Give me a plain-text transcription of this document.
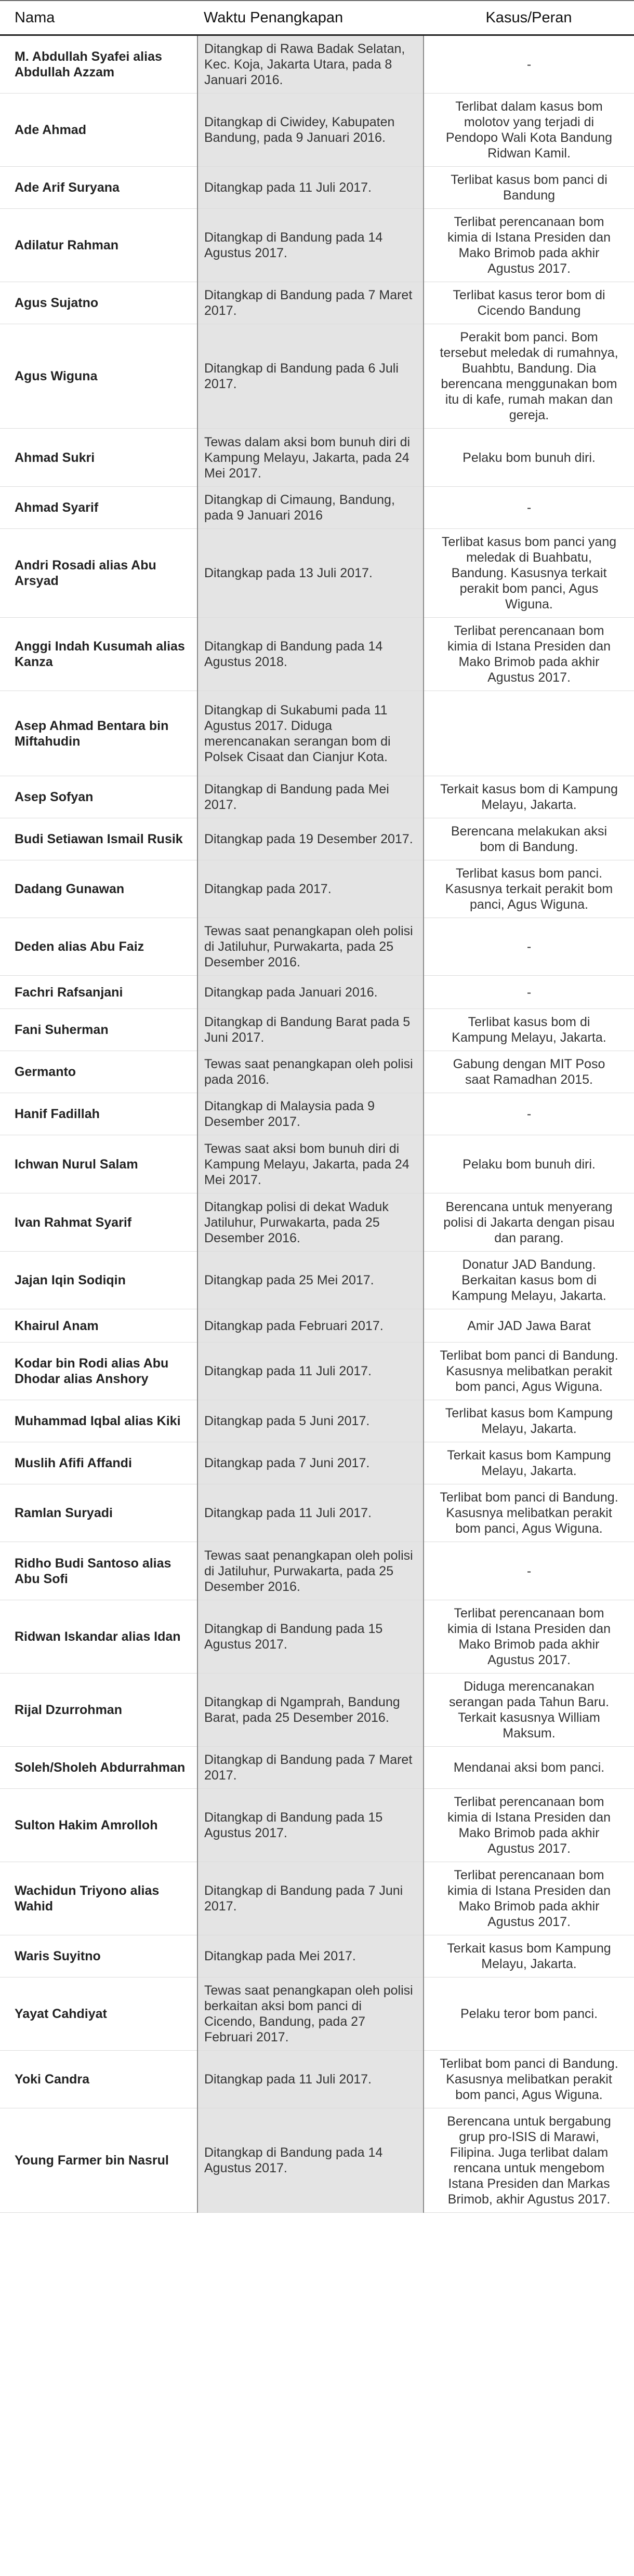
Nama	Waktu Penangkapan	Kasus/Peran
M. Abdullah Syafei alias Abdullah Azzam	Ditangkap di Rawa Badak Selatan, Kec. Koja, Jakarta Utara, pada 8 Januari 2016.	-
Ade Ahmad	Ditangkap di Ciwidey, Kabupaten Bandung, pada 9 Januari 2016.	Terlibat dalam kasus bom molotov yang terjadi di Pendopo Wali Kota Bandung Ridwan Kamil.
Ade Arif Suryana	Ditangkap pada 11 Juli 2017.	Terlibat kasus bom panci di Bandung
Adilatur Rahman	Ditangkap di Bandung pada 14 Agustus 2017.	Terlibat perencanaan bom kimia di Istana Presiden dan Mako Brimob pada akhir Agustus 2017.
Agus Sujatno	Ditangkap di Bandung pada 7 Maret 2017.	Terlibat kasus teror bom di Cicendo Bandung
Agus Wiguna	Ditangkap di Bandung pada 6 Juli 2017.	Perakit bom panci. Bom tersebut meledak di rumahnya, Buahbtu, Bandung. Dia berencana menggunakan bom itu di kafe, rumah makan dan gereja.
Ahmad Sukri	Tewas dalam aksi bom bunuh diri di Kampung Melayu, Jakarta, pada 24 Mei 2017.	Pelaku bom bunuh diri.
Ahmad Syarif	Ditangkap di Cimaung, Bandung, pada 9 Januari 2016	-
Andri Rosadi alias Abu Arsyad	Ditangkap pada 13 Juli 2017.	Terlibat kasus bom panci yang meledak di Buahbatu, Bandung. Kasusnya terkait perakit bom panci, Agus Wiguna.
Anggi Indah Kusumah alias Kanza	Ditangkap di Bandung pada 14 Agustus 2018.	Terlibat perencanaan bom kimia di Istana Presiden dan Mako Brimob pada akhir Agustus 2017.
Asep Ahmad Bentara bin Miftahudin	Ditangkap di Sukabumi pada 11 Agustus 2017. Diduga merencanakan serangan bom di Polsek Cisaat dan Cianjur Kota.	
Asep Sofyan	Ditangkap di Bandung pada Mei 2017.	Terkait kasus bom di Kampung Melayu, Jakarta.
Budi Setiawan Ismail Rusik	Ditangkap pada 19 Desember 2017.	Berencana melakukan aksi bom di Bandung.
Dadang Gunawan	Ditangkap pada 2017.	Terlibat kasus bom panci. Kasusnya terkait perakit bom panci, Agus Wiguna.
Deden alias Abu Faiz	Tewas saat penangkapan oleh polisi di Jatiluhur, Purwakarta, pada 25 Desember 2016.	-
Fachri Rafsanjani	Ditangkap pada Januari 2016.	-
Fani Suherman	Ditangkap di Bandung Barat pada 5 Juni 2017.	Terlibat kasus bom di Kampung Melayu, Jakarta.
Germanto	Tewas saat penangkapan oleh polisi pada 2016.	Gabung dengan MIT Poso saat Ramadhan 2015.
Hanif Fadillah	Ditangkap di Malaysia pada 9 Desember 2017.	-
Ichwan Nurul Salam	Tewas saat aksi bom bunuh diri di Kampung Melayu, Jakarta, pada 24 Mei 2017.	Pelaku bom bunuh diri.
Ivan Rahmat Syarif	Ditangkap polisi di dekat Waduk Jatiluhur, Purwakarta, pada 25 Desember 2016.	Berencana untuk menyerang polisi di Jakarta dengan pisau dan parang.
Jajan Iqin Sodiqin	Ditangkap pada 25 Mei 2017.	Donatur JAD Bandung. Berkaitan kasus bom di Kampung Melayu, Jakarta.
Khairul Anam	Ditangkap pada Februari 2017.	Amir JAD Jawa Barat
Kodar bin Rodi alias Abu Dhodar alias Anshory	Ditangkap pada 11 Juli 2017.	Terlibat bom panci di Bandung. Kasusnya melibatkan perakit bom panci, Agus Wiguna.
Muhammad Iqbal alias Kiki	Ditangkap pada 5 Juni 2017.	Terlibat kasus bom Kampung Melayu, Jakarta.
Muslih Afifi Affandi	Ditangkap pada 7 Juni 2017.	Terkait kasus bom Kampung Melayu, Jakarta.
Ramlan Suryadi	Ditangkap pada 11 Juli 2017.	Terlibat bom panci di Bandung. Kasusnya melibatkan perakit bom panci, Agus Wiguna.
Ridho Budi Santoso alias Abu Sofi	Tewas saat penangkapan oleh polisi di Jatiluhur, Purwakarta, pada 25 Desember 2016.	-
Ridwan Iskandar alias Idan	Ditangkap di Bandung pada 15 Agustus 2017.	Terlibat perencanaan bom kimia di Istana Presiden dan Mako Brimob pada akhir Agustus 2017.
Rijal Dzurrohman	Ditangkap di Ngamprah, Bandung Barat, pada 25 Desember 2016.	Diduga merencanakan serangan pada Tahun Baru. Terkait kasusnya William Maksum.
Soleh/Sholeh Abdurrahman	Ditangkap di Bandung pada 7 Maret 2017.	Mendanai aksi bom panci.
Sulton Hakim Amrolloh	Ditangkap di Bandung pada 15 Agustus 2017.	Terlibat perencanaan bom kimia di Istana Presiden dan Mako Brimob pada akhir Agustus 2017.
Wachidun Triyono alias Wahid	Ditangkap di Bandung pada 7 Juni 2017.	Terlibat perencanaan bom kimia di Istana Presiden dan Mako Brimob pada akhir Agustus 2017.
Waris Suyitno	Ditangkap pada Mei 2017.	Terkait kasus bom Kampung Melayu, Jakarta.
Yayat Cahdiyat	Tewas saat penangkapan oleh polisi berkaitan aksi bom panci di Cicendo, Bandung, pada 27 Februari 2017.	Pelaku teror bom panci.
Yoki Candra	Ditangkap pada 11 Juli 2017.	Terlibat bom panci di Bandung. Kasusnya melibatkan perakit bom panci, Agus Wiguna.
Young Farmer bin Nasrul	Ditangkap di Bandung pada 14 Agustus 2017.	Berencana untuk bergabung grup pro-ISIS di Marawi, Filipina. Juga terlibat dalam rencana untuk mengebom Istana Presiden dan Markas Brimob, akhir Agustus 2017.
